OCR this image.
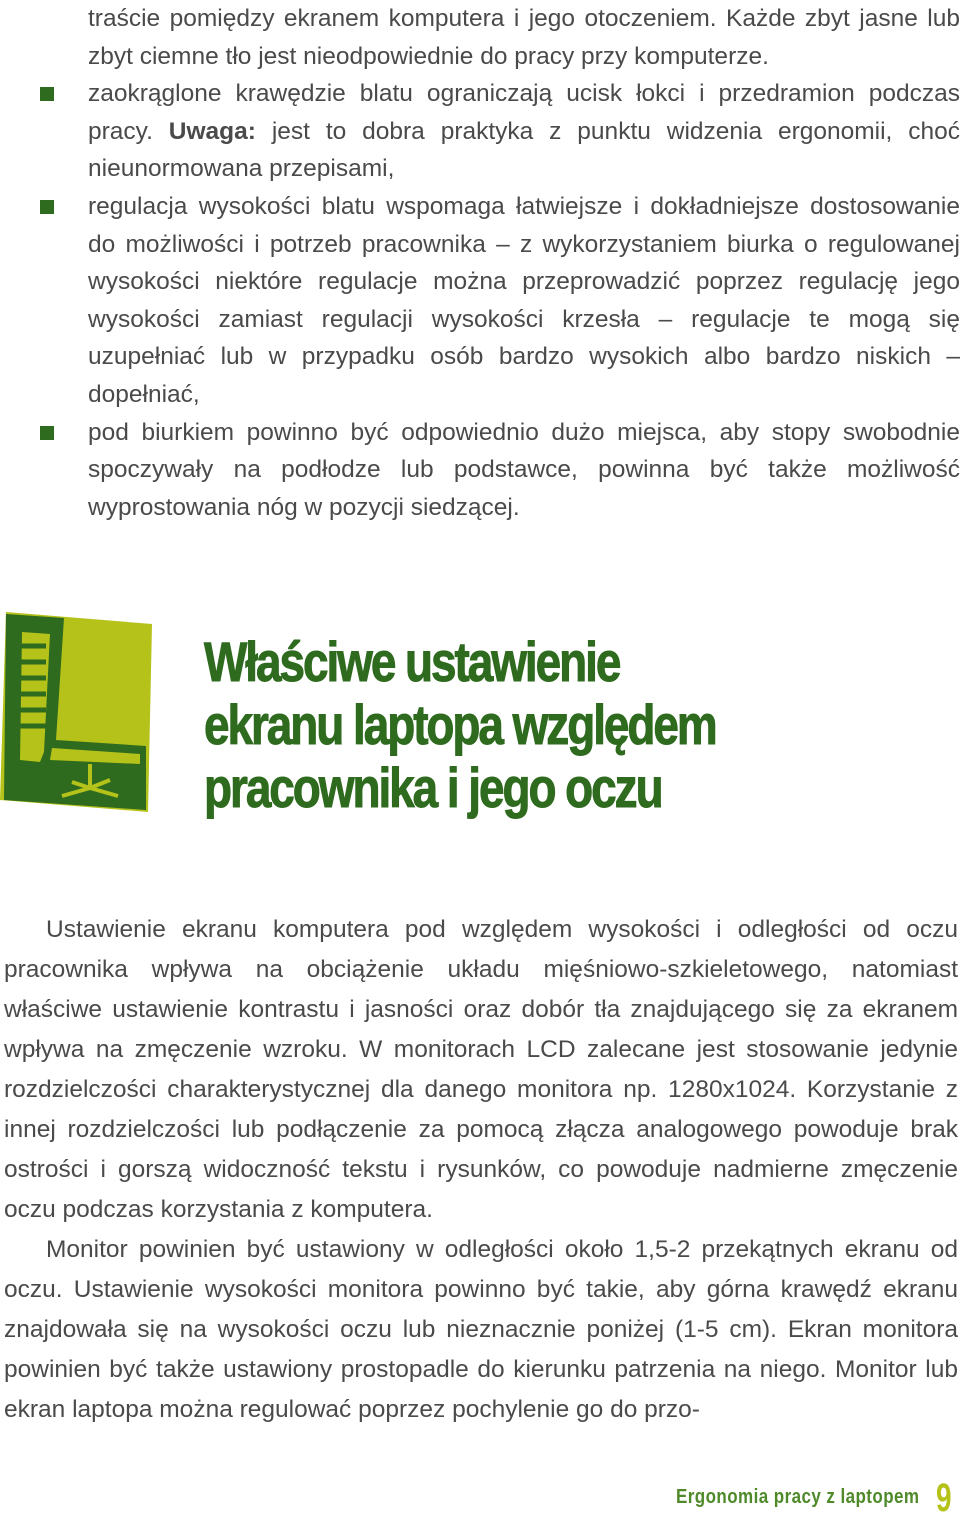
traście pomiędzy ekranem komputera i jego otoczeniem. Każde zbyt jasne lub zbyt ciemne tło jest nieodpowiednie do pracy przy komputerze.
zaokrąglone krawędzie blatu ograniczają ucisk łokci i przedramion podczas pracy. Uwaga: jest to dobra praktyka z punktu widzenia ergonomii, choć nieunormowana przepisami,
regulacja wysokości blatu wspomaga łatwiejsze i dokładniejsze dostosowanie do możliwości i potrzeb pracownika – z wykorzystaniem biurka o regulowanej wysokości niektóre regulacje można przeprowadzić poprzez regulację jego wysokości zamiast regulacji wysokości krzesła – regulacje te mogą się uzupełniać lub w przypadku osób bardzo wysokich albo bardzo niskich – dopełniać,
pod biurkiem powinno być odpowiednio dużo miejsca, aby stopy swobodnie spoczywały na podłodze lub podstawce, powinna być także możliwość wyprostowania nóg w pozycji siedzącej.
Właściwe ustawienie
ekranu laptopa względem
pracownika i jego oczu

Ustawienie ekranu komputera pod względem wysokości i odległości od oczu pracownika wpływa na obciążenie układu mięśniowo-szkieletowego, natomiast właściwe ustawienie kontrastu i jasności oraz dobór tła znajdującego się za ekranem wpływa na zmęczenie wzroku. W monitorach LCD zalecane jest stosowanie jedynie rozdzielczości charakterystycznej dla danego monitora np. 1280x1024. Korzystanie z innej rozdzielczości lub podłączenie za pomocą złącza analogowego powoduje brak ostrości i gorszą widoczność tekstu i rysunków, co powoduje nadmierne zmęczenie oczu podczas korzystania z komputera.

Monitor powinien być ustawiony w odległości około 1,5-2 przekątnych ekranu od oczu. Ustawienie wysokości monitora powinno być takie, aby górna krawędź ekranu znajdowała się na wysokości oczu lub nieznacznie poniżej (1-5 cm). Ekran monitora powinien być także ustawiony prostopadle do kierunku patrzenia na niego. Monitor lub ekran laptopa można regulować poprzez pochylenie go do przo-

Ergonomia pracy z laptopem 9
